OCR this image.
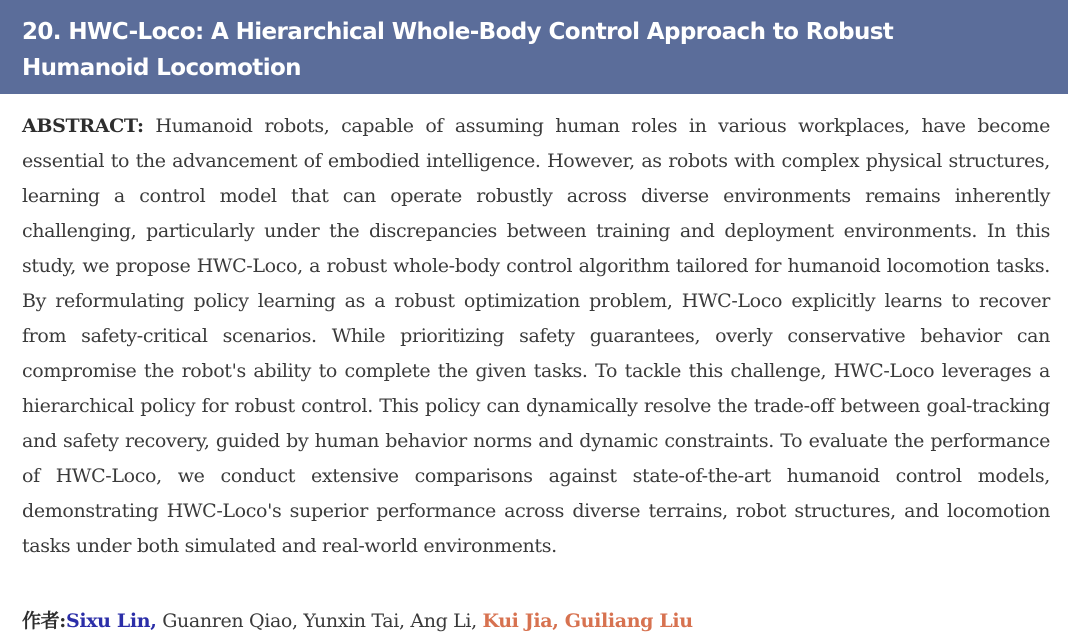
20. HWC-Loco: A Hierarchical Whole-Body Control Approach to Robust Humanoid Locomotion

ABSTRACT: Humanoid robots, capable of assuming human roles in various workplaces, have become essential to the advancement of embodied intelligence. However, as robots with complex physical structures, learning a control model that can operate robustly across diverse environments remains inherently challenging, particularly under the discrepancies between training and deployment environments. In this study, we propose HWC-Loco, a robust whole-body control algorithm tailored for humanoid locomotion tasks. By reformulating policy learning as a robust optimization problem, HWC-Loco explicitly learns to recover from safety-critical scenarios. While prioritizing safety guarantees, overly conservative behavior can compromise the robot's ability to complete the given tasks. To tackle this challenge, HWC-Loco leverages a hierarchical policy for robust control. This policy can dynamically resolve the trade-off between goal-tracking and safety recovery, guided by human behavior norms and dynamic constraints. To evaluate the performance of HWC-Loco, we conduct extensive comparisons against state-of-the-art humanoid control models, demonstrating HWC-Loco's superior performance across diverse terrains, robot structures, and locomotion tasks under both simulated and real-world environments.

作者:Sixu Lin, Guanren Qiao, Yunxin Tai, Ang Li, Kui Jia, Guiliang Liu
